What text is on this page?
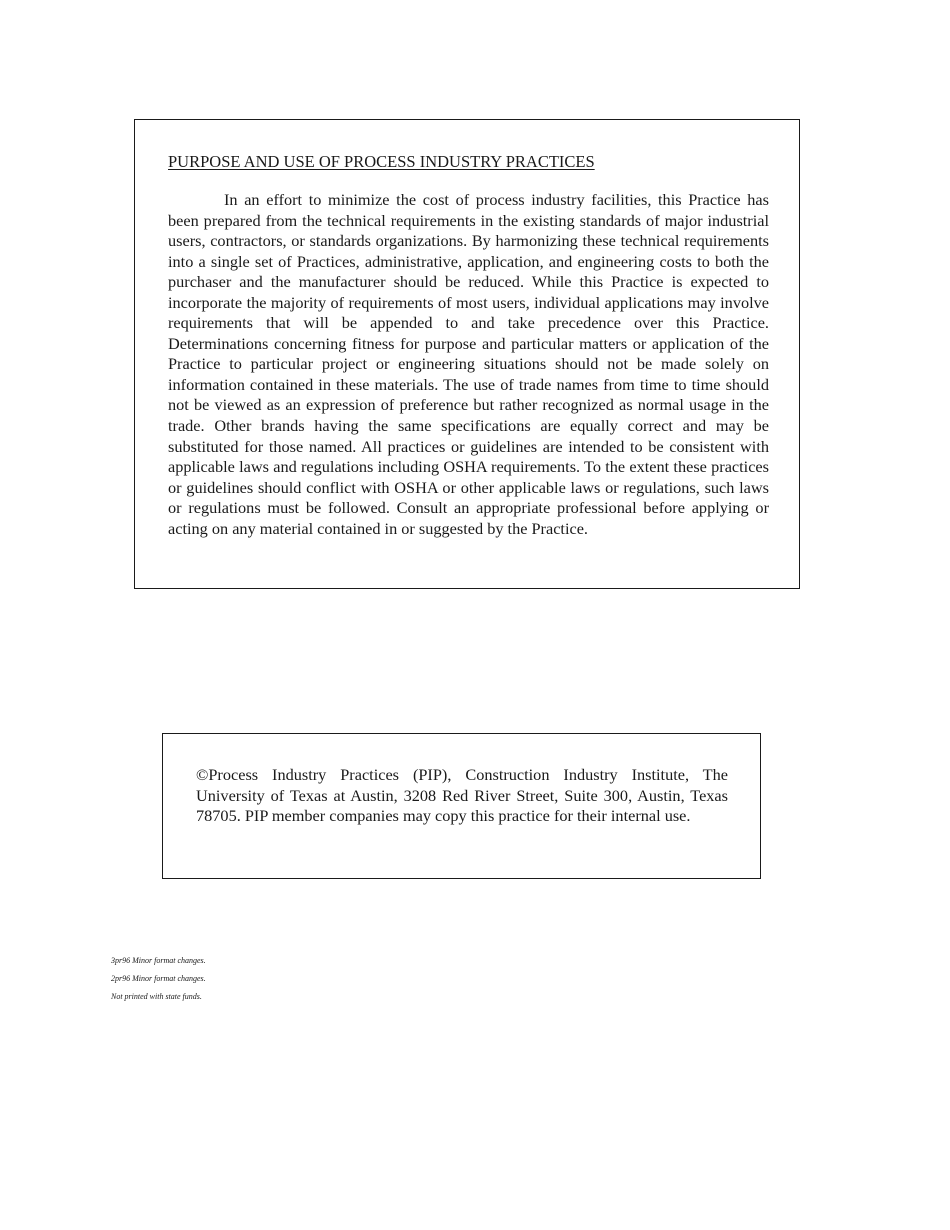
PURPOSE AND USE OF PROCESS INDUSTRY PRACTICES

In an effort to minimize the cost of process industry facilities, this Practice has been prepared from the technical requirements in the existing standards of major industrial users, contractors, or standards organizations. By harmonizing these technical requirements into a single set of Practices, administrative, application, and engineering costs to both the purchaser and the manufacturer should be reduced. While this Practice is expected to incorporate the majority of requirements of most users, individual applications may involve requirements that will be appended to and take precedence over this Practice. Determinations concerning fitness for purpose and particular matters or application of the Practice to particular project or engineering situations should not be made solely on information contained in these materials. The use of trade names from time to time should not be viewed as an expression of preference but rather recognized as normal usage in the trade. Other brands having the same specifications are equally correct and may be substituted for those named. All practices or guidelines are intended to be consistent with applicable laws and regulations including OSHA requirements. To the extent these practices or guidelines should conflict with OSHA or other applicable laws or regulations, such laws or regulations must be followed. Consult an appropriate professional before applying or acting on any material contained in or suggested by the Practice.

©Process Industry Practices (PIP), Construction Industry Institute, The University of Texas at Austin, 3208 Red River Street, Suite 300, Austin, Texas 78705. PIP member companies may copy this practice for their internal use.

3pr96 Minor format changes.
2pr96 Minor format changes.
Not printed with state funds.
